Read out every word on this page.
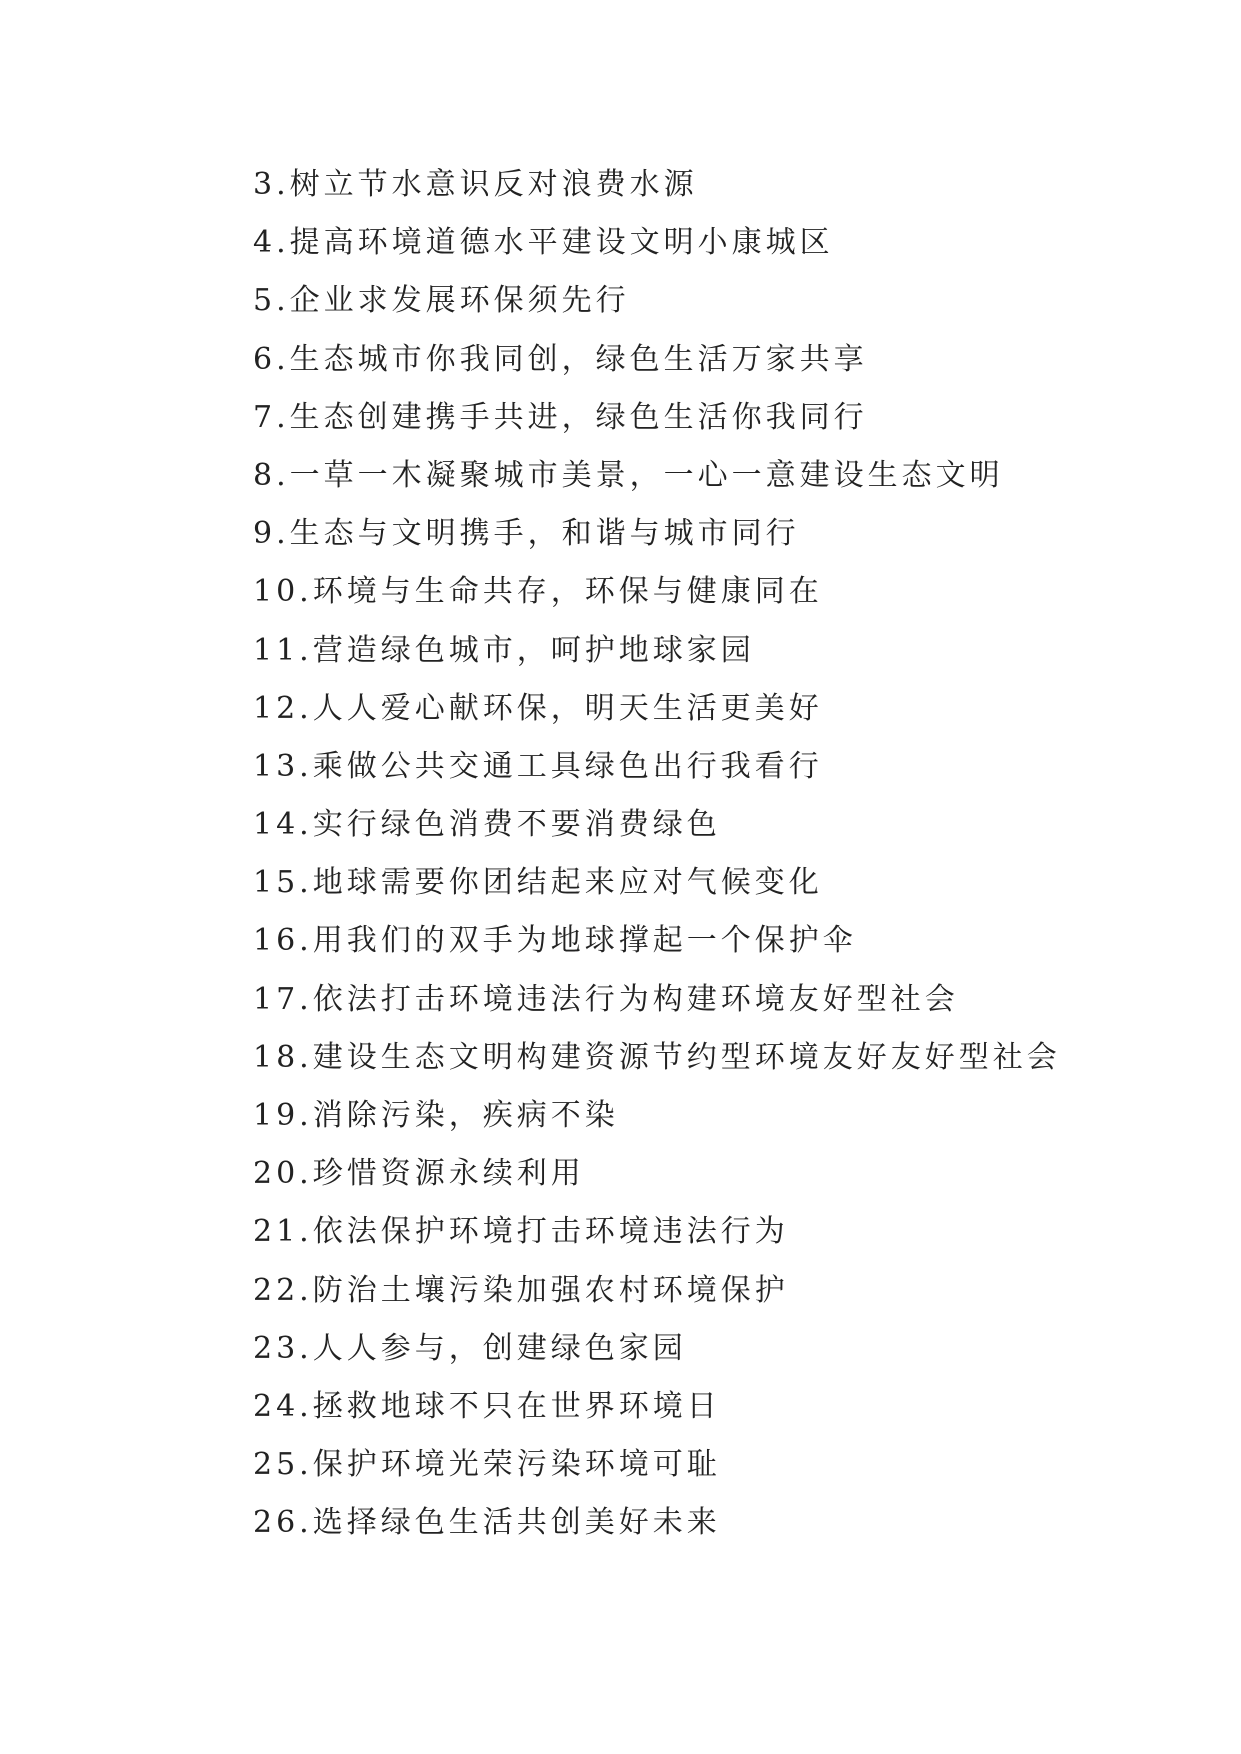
3.树立节水意识反对浪费水源
4.提高环境道德水平建设文明小康城区
5.企业求发展环保须先行
6.生态城市你我同创，绿色生活万家共享
7.生态创建携手共进，绿色生活你我同行
8.一草一木凝聚城市美景，一心一意建设生态文明
9.生态与文明携手，和谐与城市同行
10.环境与生命共存，环保与健康同在
11.营造绿色城市，呵护地球家园
12.人人爱心献环保，明天生活更美好
13.乘做公共交通工具绿色出行我看行
14.实行绿色消费不要消费绿色
15.地球需要你团结起来应对气候变化
16.用我们的双手为地球撑起一个保护伞
17.依法打击环境违法行为构建环境友好型社会
18.建设生态文明构建资源节约型环境友好友好型社会
19.消除污染，疾病不染
20.珍惜资源永续利用
21.依法保护环境打击环境违法行为
22.防治土壤污染加强农村环境保护
23.人人参与，创建绿色家园
24.拯救地球不只在世界环境日
25.保护环境光荣污染环境可耻
26.选择绿色生活共创美好未来
